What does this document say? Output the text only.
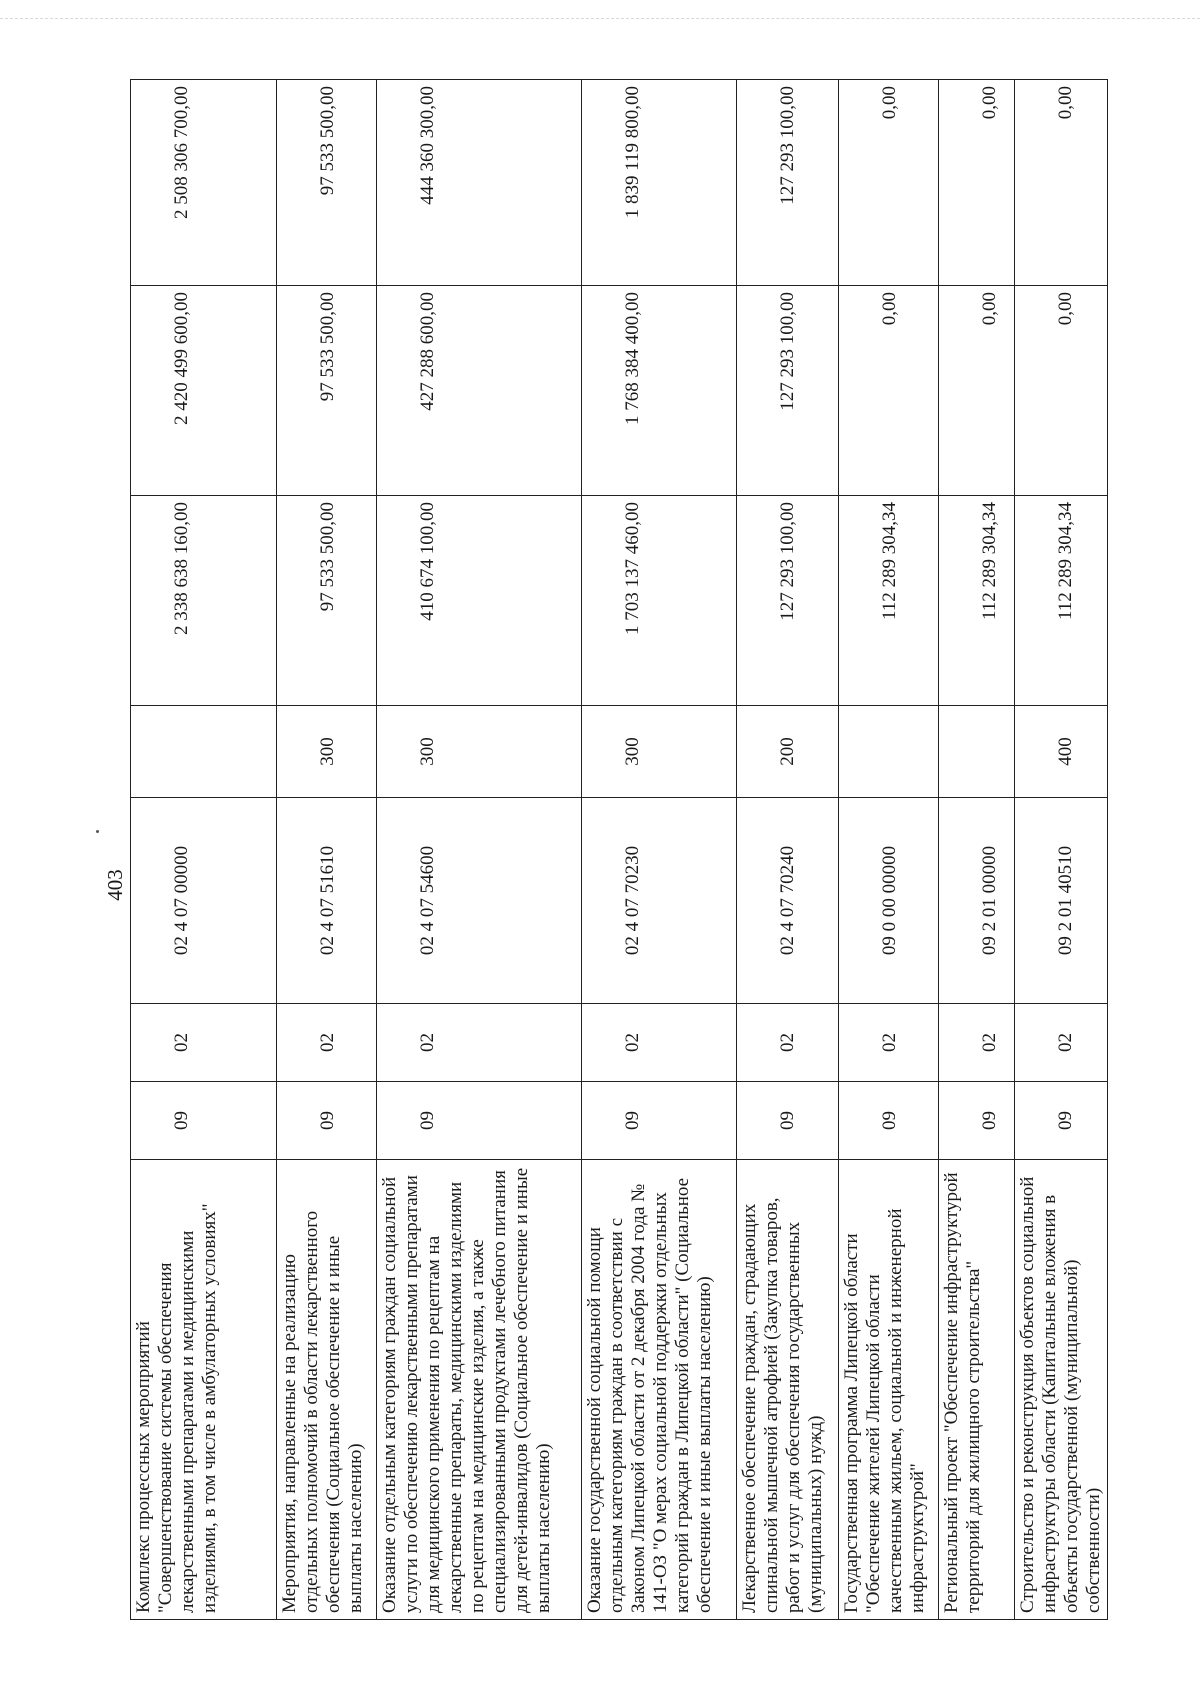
403
Комплекс процессных мероприятий "Совершенствование системы обеспечения лекарственными препаратами и медицинскими изделиями, в том числе в амбулаторных условиях"	09	02	02 4 07 00000		2 338 638 160,00	2 420 499 600,00	2 508 306 700,00
Мероприятия, направленные на реализацию отдельных полномочий в области лекарственного обеспечения (Социальное обеспечение и иные выплаты населению)	09	02	02 4 07 51610	300	97 533 500,00	97 533 500,00	97 533 500,00
Оказание отдельным категориям граждан социальной услуги по обеспечению лекарственными препаратами для медицинского применения по рецептам на лекарственные препараты, медицинскими изделиями по рецептам на медицинские изделия, а также специализированными продуктами лечебного питания для детей-инвалидов (Социальное обеспечение и иные выплаты населению)	09	02	02 4 07 54600	300	410 674 100,00	427 288 600,00	444 360 300,00
Оказание государственной социальной помощи отдельным категориям граждан в соответствии с Законом Липецкой области от 2 декабря 2004 года № 141-ОЗ "О мерах социальной поддержки отдельных категорий граждан в Липецкой области" (Социальное обеспечение и иные выплаты населению)	09	02	02 4 07 70230	300	1 703 137 460,00	1 768 384 400,00	1 839 119 800,00
Лекарственное обеспечение граждан, страдающих спинальной мышечной атрофией (Закупка товаров, работ и услуг для обеспечения государственных (муниципальных) нужд)	09	02	02 4 07 70240	200	127 293 100,00	127 293 100,00	127 293 100,00
Государственная программа Липецкой области "Обеспечение жителей Липецкой области качественным жильем, социальной и инженерной инфраструктурой"	09	02	09 0 00 00000		112 289 304,34	0,00	0,00
Региональный проект "Обеспечение инфраструктурой территорий для жилищного строительства"	09	02	09 2 01 00000		112 289 304,34	0,00	0,00
Строительство и реконструкция объектов социальной инфраструктуры области (Капитальные вложения в объекты государственной (муниципальной) собственности)	09	02	09 2 01 40510	400	112 289 304,34	0,00	0,00
